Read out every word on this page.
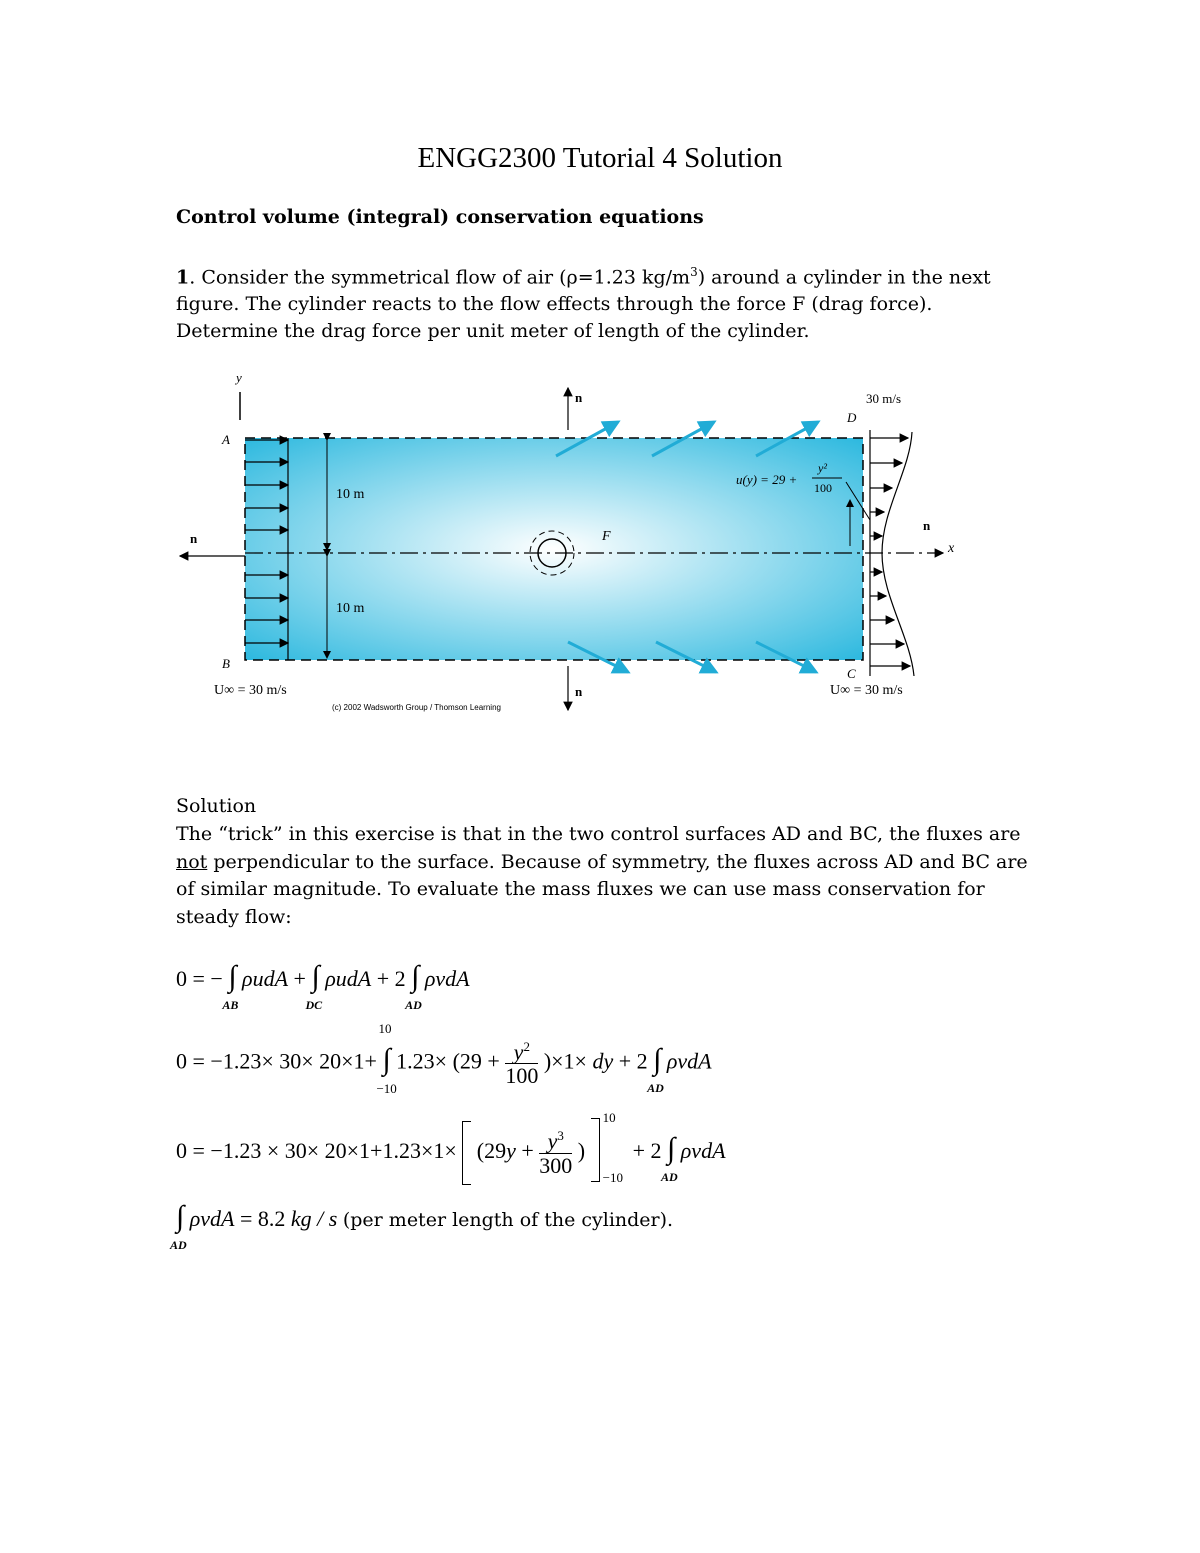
ENGG2300 Tutorial 4 Solution
Control volume (integral) conservation equations
1. Consider the symmetrical flow of air (ρ=1.23 $kg/m^3$) around a cylinder in the next figure. The cylinder reacts to the flow effects through the force F (drag force). Determine the drag force per unit meter of length of the cylinder.
y
x
n
n
n
n
A
B
C
D
10 m
10 m
F
u(y) = 29 +
y²
100
30 m/s
U∞ = 30 m/s	U∞ = 30 m/s
(c) 2002 Wadsworth Group / Thomson Learning
Solution
The “trick” in this exercise is that in the two control surfaces AD and BC, the fluxes are not perpendicular to the surface. Because of symmetry, the fluxes across AD and BC are of similar magnitude. To evaluate the mass fluxes we can use mass conservation for steady flow:
0 = − ∫
AB
ρudA + ∫
DC
ρudA + 2 ∫
AD
ρvdA
0 = −1.23× 30× 20×1+
10
∫
−10
$1.23\times (29 + \frac{y^2}{100} )\times 1\times$ dy + 2 ∫
AD
ρvdA
$0 = -1.23 \times 30\times 20\times 1+1.23\times 1\times (29y + \frac{y^3}{300}$ )
10
−10
+ 2 ∫
AD
ρvdA
∫
AD
ρvdA = 8.2 kg / s (per meter length of the cylinder).
